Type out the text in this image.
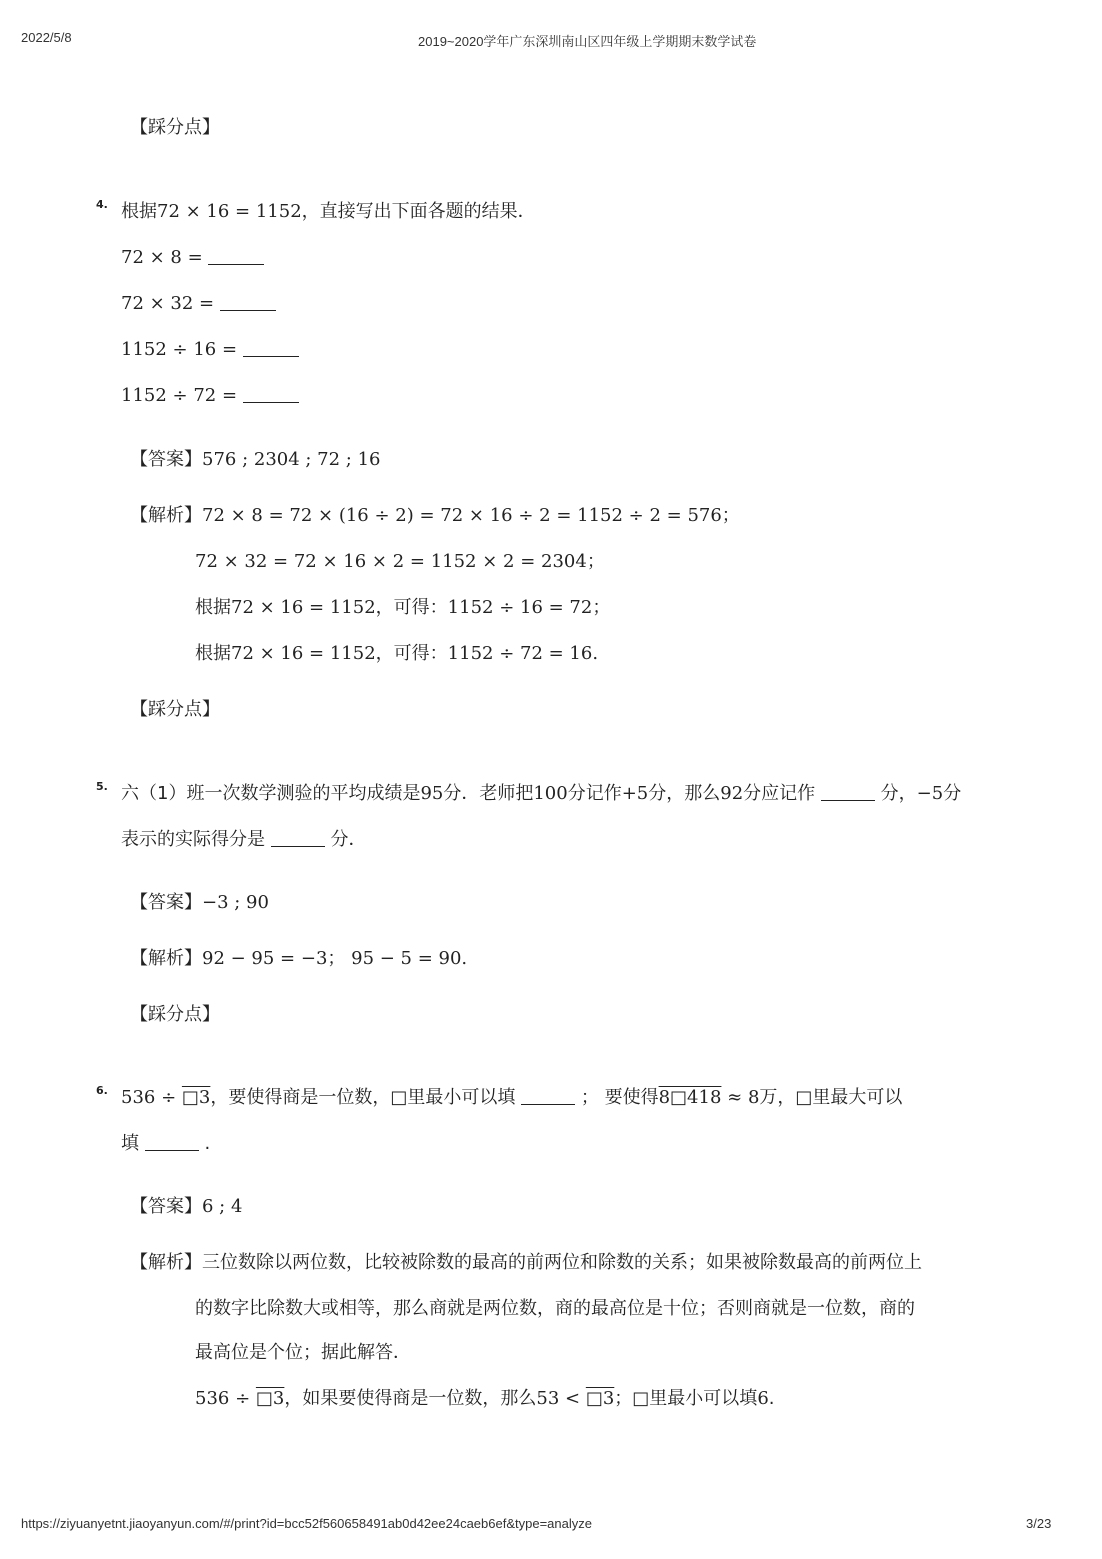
2022/5/8	2019~2020学年广东深圳南山区四年级上学期期末数学试卷
【踩分点】
4. 根据72 × 16 = 1152，直接写出下面各题的结果．
72 × 8 =
72 × 32 =
1152 ÷ 16 =
1152 ÷ 72 =
【答案】576 ; 2304 ; 72 ; 16
【解析】72 × 8 = 72 × (16 ÷ 2) = 72 × 16 ÷ 2 = 1152 ÷ 2 = 576；
72 × 32 = 72 × 16 × 2 = 1152 × 2 = 2304；
根据72 × 16 = 1152，可得：1152 ÷ 16 = 72；
根据72 × 16 = 1152，可得：1152 ÷ 72 = 16.
【踩分点】
5. 六（1）班一次数学测验的平均成绩是95分．老师把100分记作+5分，那么92分应记作	分，−5分
表示的实际得分是	分．
【答案】−3 ; 90
【解析】92 − 95 = −3； 95 − 5 = 90.
【踩分点】
6. 536 ÷ □3，要使得商是一位数，□里最小可以填	； 要使得8□418 ≈ 8万，□里最大可以
填	.
【答案】6 ; 4
【解析】三位数除以两位数，比较被除数的最高的前两位和除数的关系；如果被除数最高的前两位上
的数字比除数大或相等，那么商就是两位数，商的最高位是十位；否则商就是一位数，商的
最高位是个位；据此解答．
536 ÷ □3，如果要使得商是一位数，那么53 < □3；□里最小可以填6.
https://ziyuanyetnt.jiaoyanyun.com/#/print?id=bcc52f560658491ab0d42ee24caeb6ef&type=analyze	3/23
